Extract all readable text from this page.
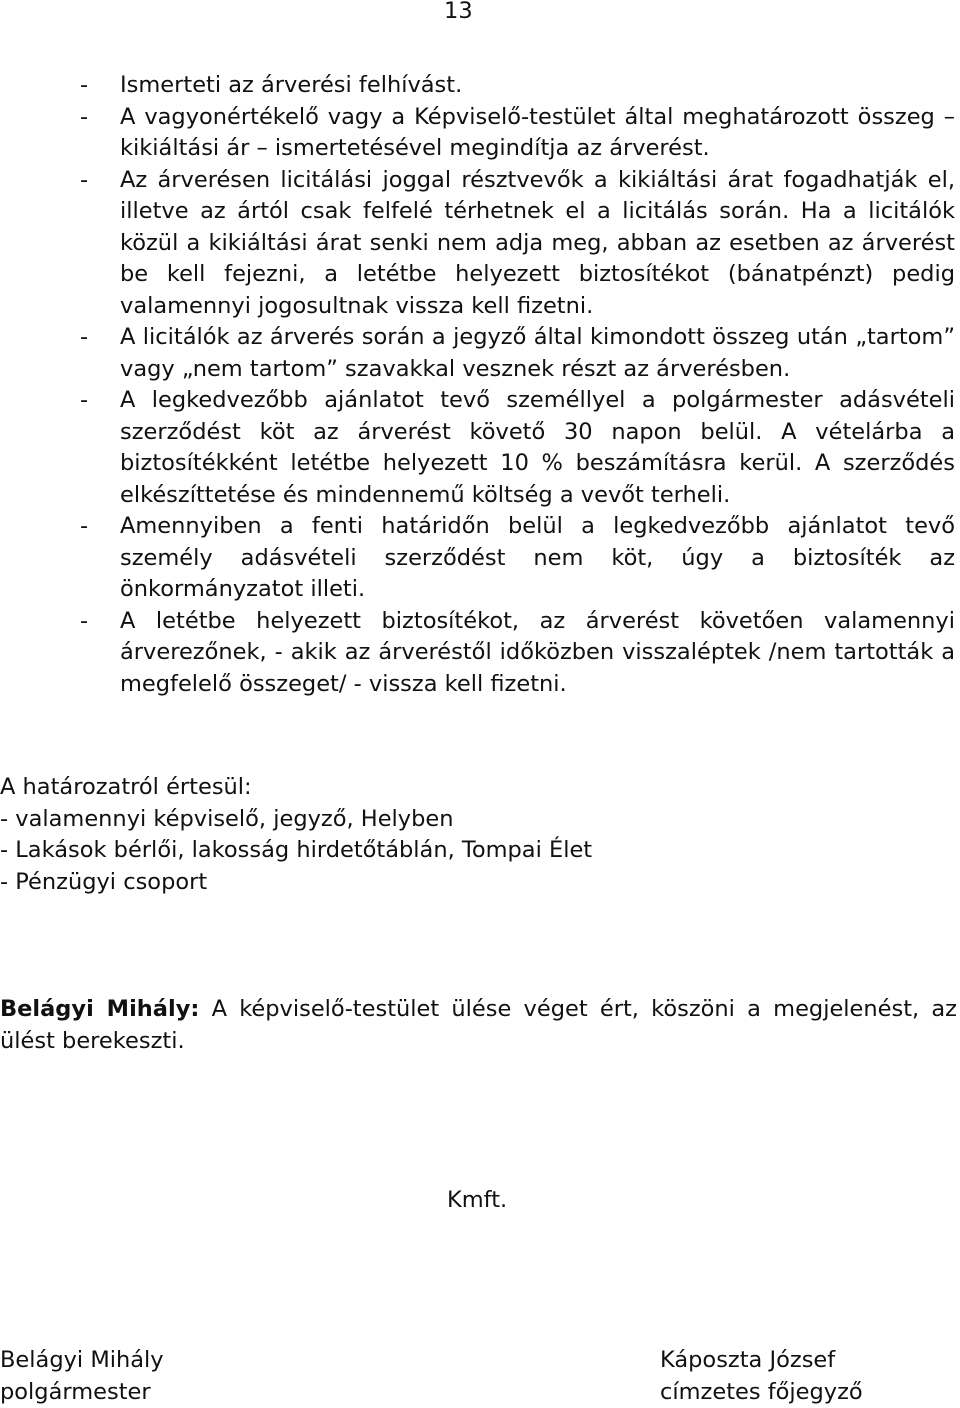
13
- Ismerteti az árverési felhívást.
- A vagyonértékelő vagy a Képviselő-testület által meghatározott összeg – kikiáltási ár – ismertetésével megindítja az árverést.
- Az árverésen licitálási joggal résztvevők a kikiáltási árat fogadhatják el, illetve az ártól csak felfelé térhetnek el a licitálás során. Ha a licitálók közül a kikiáltási árat senki nem adja meg, abban az esetben az árverést be kell fejezni, a letétbe helyezett biztosítékot (bánatpénzt) pedig valamennyi jogosultnak vissza kell fizetni.
- A licitálók az árverés során a jegyző által kimondott összeg után „tartom” vagy „nem tartom” szavakkal vesznek részt az árverésben.
- A legkedvezőbb ajánlatot tevő személlyel a polgármester adásvételi szerződést köt az árverést követő 30 napon belül. A vételárba a biztosítékként letétbe helyezett 10 % beszámításra kerül. A szerződés elkészíttetése és mindennemű költség a vevőt terheli.
- Amennyiben a fenti határidőn belül a legkedvezőbb ajánlatot tevő személy adásvételi szerződést nem köt, úgy a biztosíték az önkormányzatot illeti.
- A letétbe helyezett biztosítékot, az árverést követően valamennyi árverezőnek, - akik az árveréstől időközben visszaléptek /nem tartották a megfelelő összeget/ - vissza kell fizetni.
A határozatról értesül:
- valamennyi képviselő, jegyző, Helyben
- Lakások bérlői, lakosság hirdetőtáblán, Tompai Élet
- Pénzügyi csoport
Belágyi Mihály: A képviselő-testület ülése véget ért, köszöni a megjelenést, az ülést berekeszti.
Kmft.
Belágyi Mihály
polgármester
Káposzta József
címzetes főjegyző
